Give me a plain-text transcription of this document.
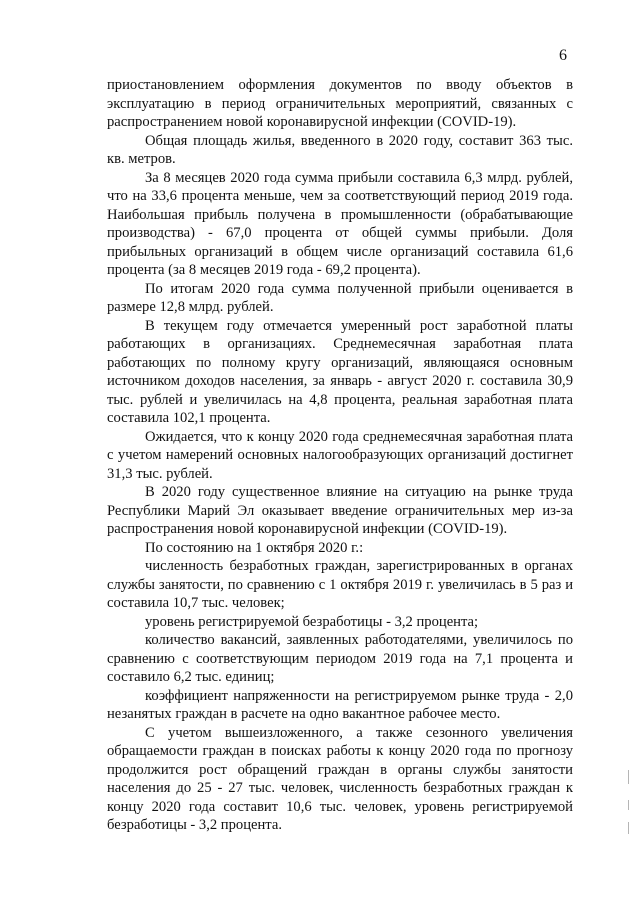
6

приостановлением оформления документов по вводу объектов в эксплуатацию в период ограничительных мероприятий, связанных с распространением новой коронавирусной инфекции (COVID-19).

Общая площадь жилья, введенного в 2020 году, составит 363 тыс. кв. метров.

За 8 месяцев 2020 года сумма прибыли составила 6,3 млрд. рублей, что на 33,6 процента меньше, чем за соответствующий период 2019 года. Наибольшая прибыль получена в промышленности (обрабатывающие производства) - 67,0 процента от общей суммы прибыли. Доля прибыльных организаций в общем числе организаций составила 61,6 процента (за 8 месяцев 2019 года - 69,2 процента).

По итогам 2020 года сумма полученной прибыли оценивается в размере 12,8 млрд. рублей.

В текущем году отмечается умеренный рост заработной платы работающих в организациях. Среднемесячная заработная плата работающих по полному кругу организаций, являющаяся основным источником доходов населения, за январь - август 2020 г. составила 30,9 тыс. рублей и увеличилась на 4,8 процента, реальная заработная плата составила 102,1 процента.

Ожидается, что к концу 2020 года среднемесячная заработная плата с учетом намерений основных налогообразующих организаций достигнет 31,3 тыс. рублей.

В 2020 году существенное влияние на ситуацию на рынке труда Республики Марий Эл оказывает введение ограничительных мер из-за распространения новой коронавирусной инфекции (COVID-19).

По состоянию на 1 октября 2020 г.:

численность безработных граждан, зарегистрированных в органах службы занятости, по сравнению с 1 октября 2019 г. увеличилась в 5 раз и составила 10,7 тыс. человек;

уровень регистрируемой безработицы - 3,2 процента;

количество вакансий, заявленных работодателями, увеличилось по сравнению с соответствующим периодом 2019 года на 7,1 процента и составило 6,2 тыс. единиц;

коэффициент напряженности на регистрируемом рынке труда - 2,0 незанятых граждан в расчете на одно вакантное рабочее место.

С учетом вышеизложенного, а также сезонного увеличения обращаемости граждан в поисках работы к концу 2020 года по прогнозу продолжится рост обращений граждан в органы службы занятости населения до 25 - 27 тыс. человек, численность безработных граждан к концу 2020 года составит 10,6 тыс. человек, уровень регистрируемой безработицы - 3,2 процента.
